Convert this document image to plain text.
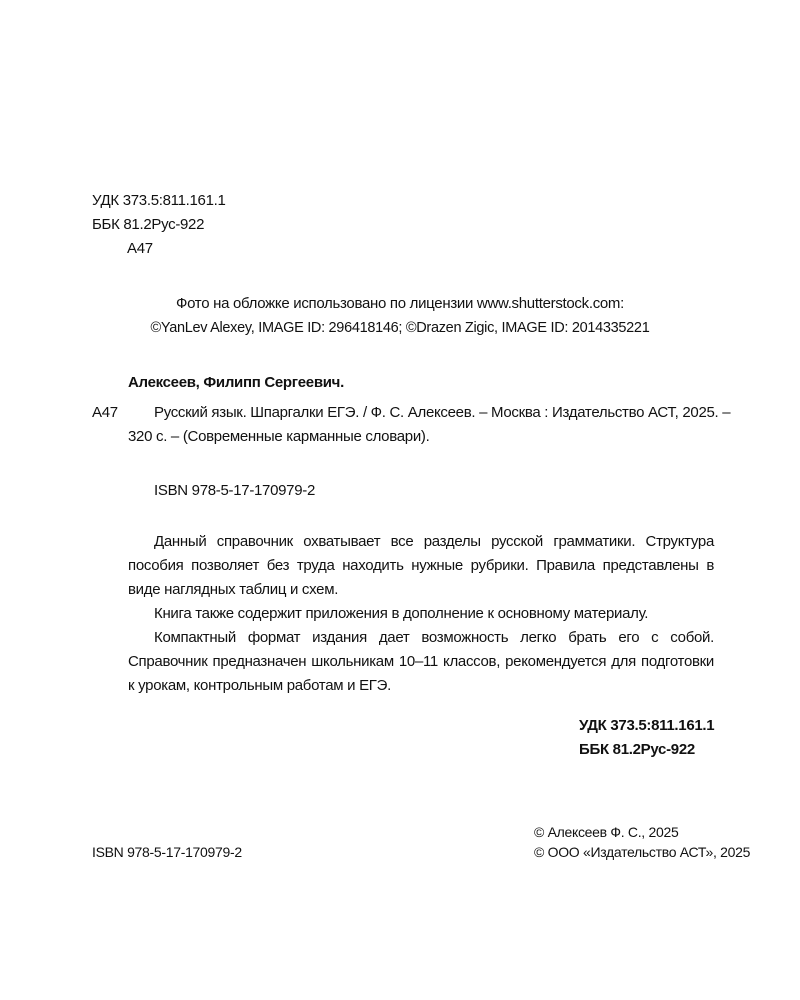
УДК 373.5:811.161.1
ББК 81.2Рус-922
А47
Фото на обложке использовано по лицензии www.shutterstock.com:
©YanLev Alexey, IMAGE ID: 296418146; ©Drazen Zigic, IMAGE ID: 2014335221
Алексеев, Филипп Сергеевич.
А47 Русский язык. Шпаргалки ЕГЭ. / Ф. С. Алексеев. – Москва : Издательство АСТ, 2025. –
320 с. – (Современные карманные словари).
ISBN 978-5-17-170979-2

Данный справочник охватывает все разделы русской грамматики. Структура пособия позволяет без труда находить нужные рубрики. Правила представлены в виде наглядных таблиц и схем.

Книга также содержит приложения в дополнение к основному материалу.

Компактный формат издания дает возможность легко брать его с собой. Справочник предназначен школьникам 10–11 классов, рекомендуется для подготовки к урокам, контрольным работам и ЕГЭ.

УДК 373.5:811.161.1
ББК 81.2Рус-922
© Алексеев Ф. С., 2025
ISBN 978-5-17-170979-2	© ООО «Издательство АСТ», 2025
